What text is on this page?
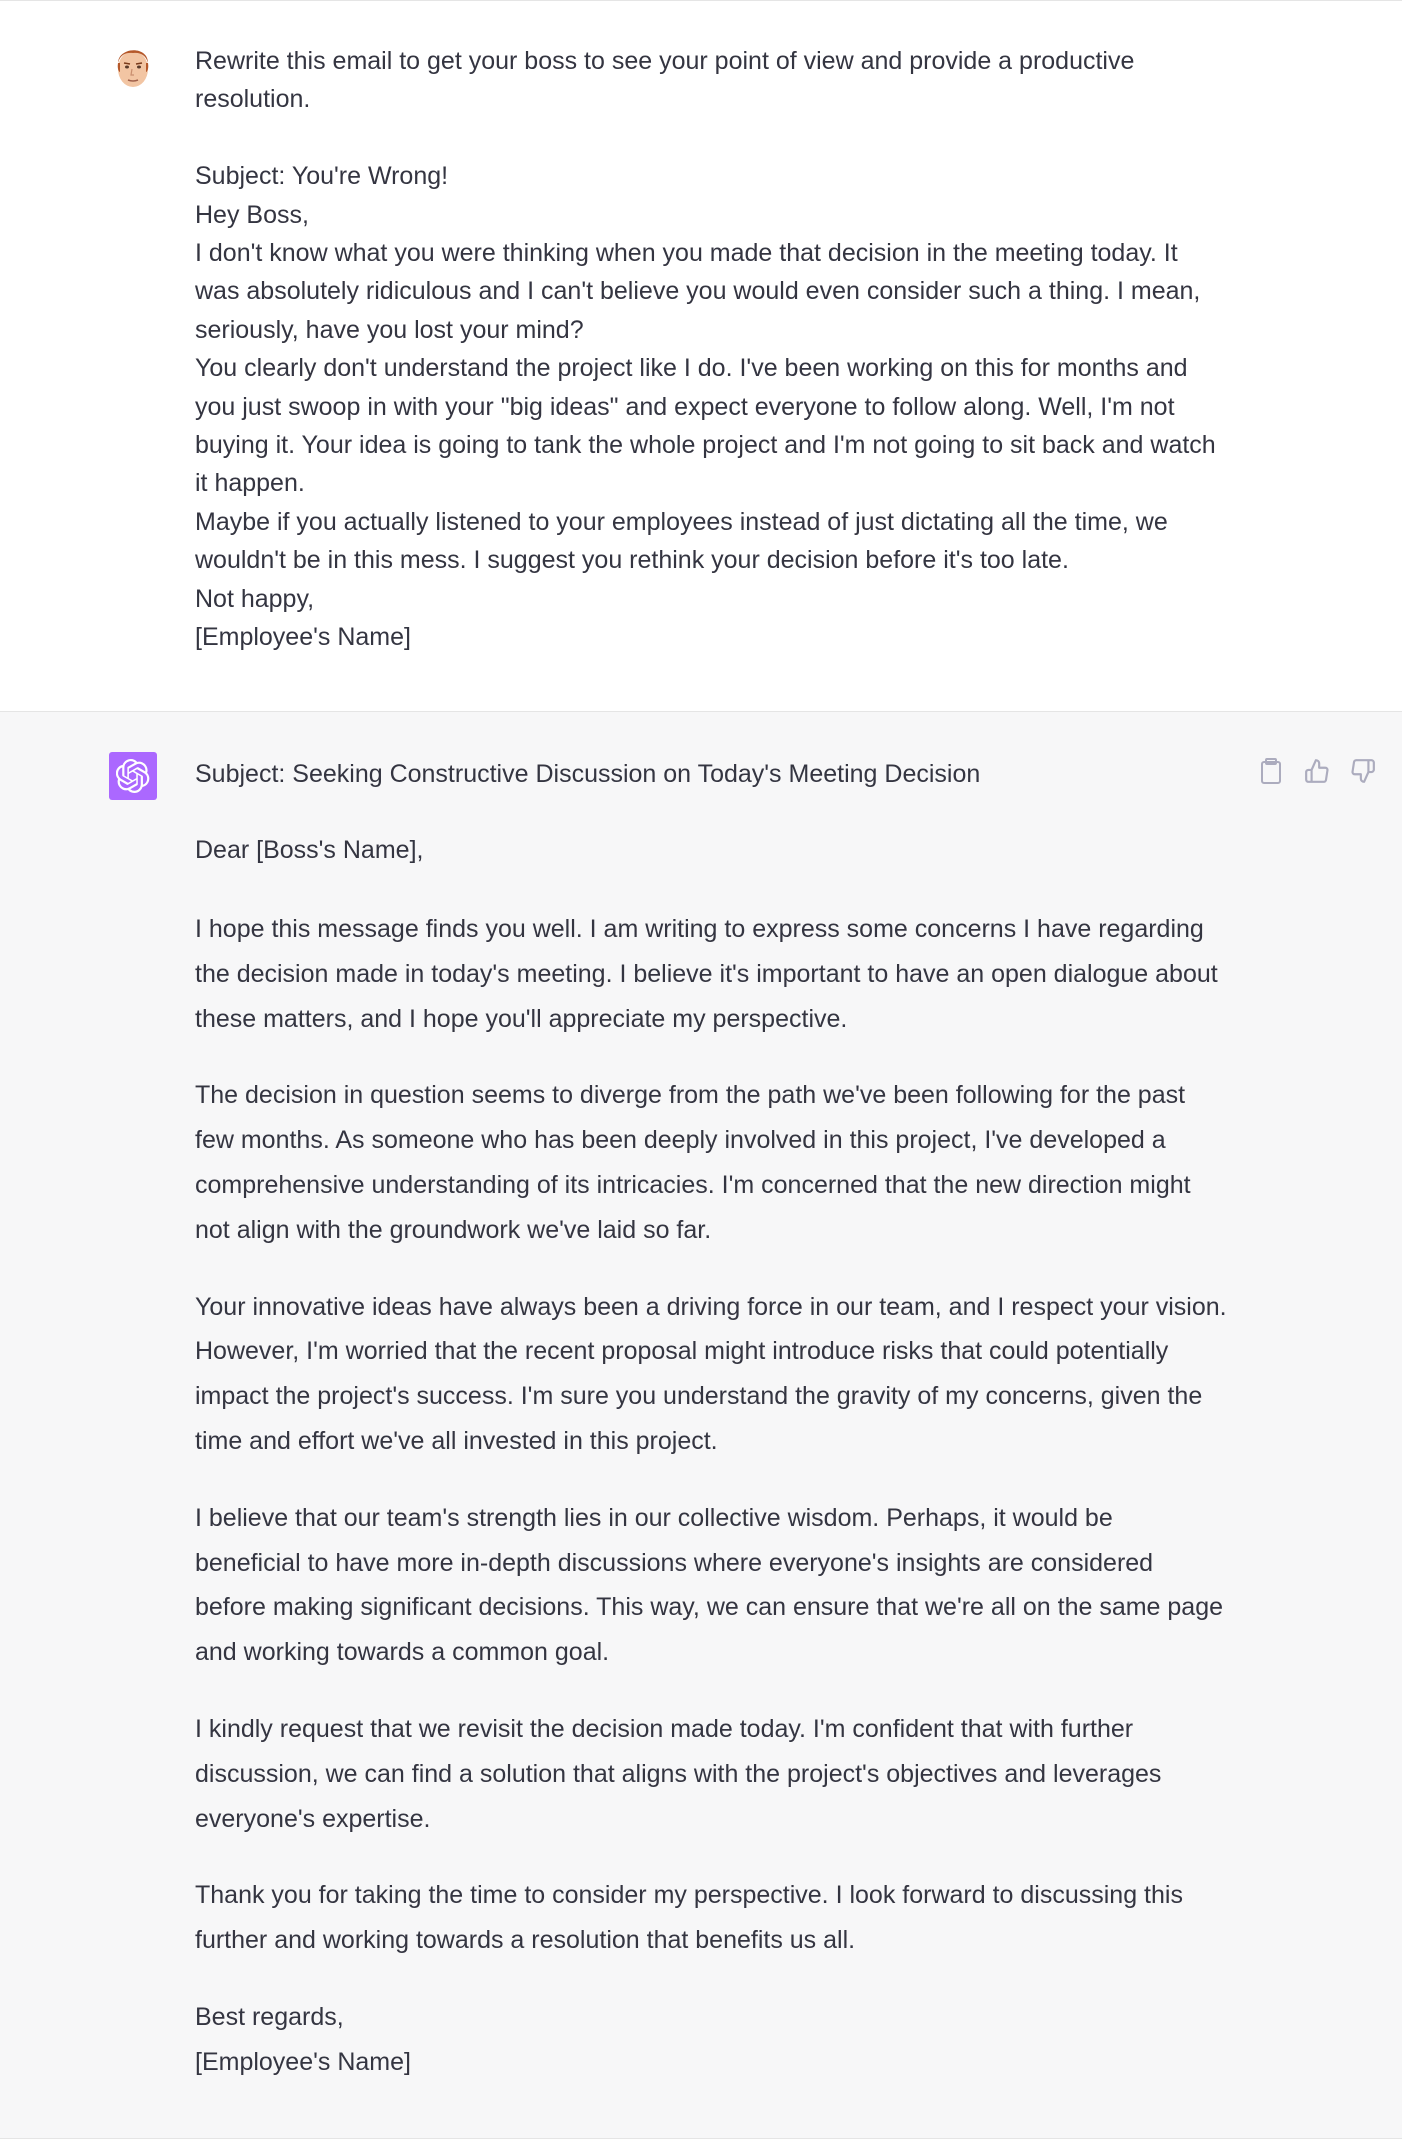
Rewrite this email to get your boss to see your point of view and provide a productive

resolution.

Subject: You're Wrong!

Hey Boss,

I don't know what you were thinking when you made that decision in the meeting today. It

was absolutely ridiculous and I can't believe you would even consider such a thing. I mean,

seriously, have you lost your mind?

You clearly don't understand the project like I do. I've been working on this for months and

you just swoop in with your "big ideas" and expect everyone to follow along. Well, I'm not

buying it. Your idea is going to tank the whole project and I'm not going to sit back and watch

it happen.

Maybe if you actually listened to your employees instead of just dictating all the time, we

wouldn't be in this mess. I suggest you rethink your decision before it's too late.

Not happy,

[Employee's Name]

Subject: Seeking Constructive Discussion on Today's Meeting Decision

Dear [Boss's Name],

I hope this message finds you well. I am writing to express some concerns I have regarding

the decision made in today's meeting. I believe it's important to have an open dialogue about

these matters, and I hope you'll appreciate my perspective.

The decision in question seems to diverge from the path we've been following for the past

few months. As someone who has been deeply involved in this project, I've developed a

comprehensive understanding of its intricacies. I'm concerned that the new direction might

not align with the groundwork we've laid so far.

Your innovative ideas have always been a driving force in our team, and I respect your vision.

However, I'm worried that the recent proposal might introduce risks that could potentially

impact the project's success. I'm sure you understand the gravity of my concerns, given the

time and effort we've all invested in this project.

I believe that our team's strength lies in our collective wisdom. Perhaps, it would be

beneficial to have more in-depth discussions where everyone's insights are considered

before making significant decisions. This way, we can ensure that we're all on the same page

and working towards a common goal.

I kindly request that we revisit the decision made today. I'm confident that with further

discussion, we can find a solution that aligns with the project's objectives and leverages

everyone's expertise.

Thank you for taking the time to consider my perspective. I look forward to discussing this

further and working towards a resolution that benefits us all.

Best regards,

[Employee's Name]
